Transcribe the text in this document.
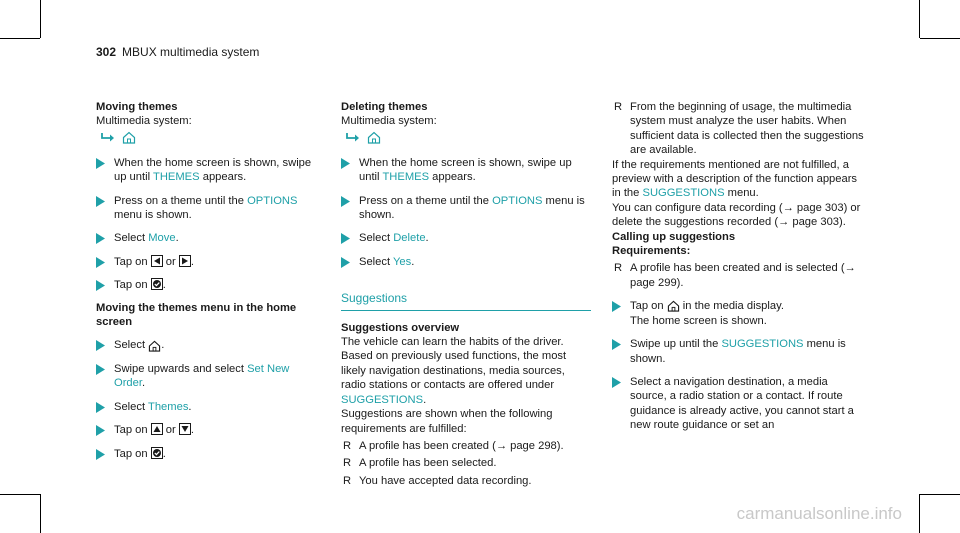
302 MBUX multimedia system

Moving themes

Multimedia system:

When the home screen is shown, swipe up until THEMES appears.
Press on a theme until the OPTIONS menu is shown.
Select Move.
Tap on  or .
Tap on .

Moving the themes menu in the home screen

Select .
Swipe upwards and select Set New Order.
Select Themes.
Tap on  or .
Tap on .

Deleting themes

Multimedia system:

When the home screen is shown, swipe up until THEMES appears.
Press on a theme until the OPTIONS menu is shown.
Select Delete.
Select Yes.
Suggestions

Suggestions overview

The vehicle can learn the habits of the driver. Based on previously used functions, the most likely navigation destinations, media sources, radio stations or contacts are offered under SUGGESTIONS.

Suggestions are shown when the following requirements are fulfilled:

R A profile has been created (→ page 298).
R A profile has been selected.
R You have accepted data recording.
R From the beginning of usage, the multimedia system must analyze the user habits. When sufficient data is collected then the suggestions are available.

If the requirements mentioned are not fulfilled, a preview with a description of the function appears in the SUGGESTIONS menu.

You can configure data recording (→ page 303) or delete the suggestions recorded (→ page 303).

Calling up suggestions

Requirements:

R A profile has been created and is selected (→ page 299).
Tap on  in the media display.
The home screen is shown.
Swipe up until the SUGGESTIONS menu is shown.
Select a navigation destination, a media source, a radio station or a contact. If route guidance is already active, you cannot start a new route guidance or set an
carmanualsonline.info
